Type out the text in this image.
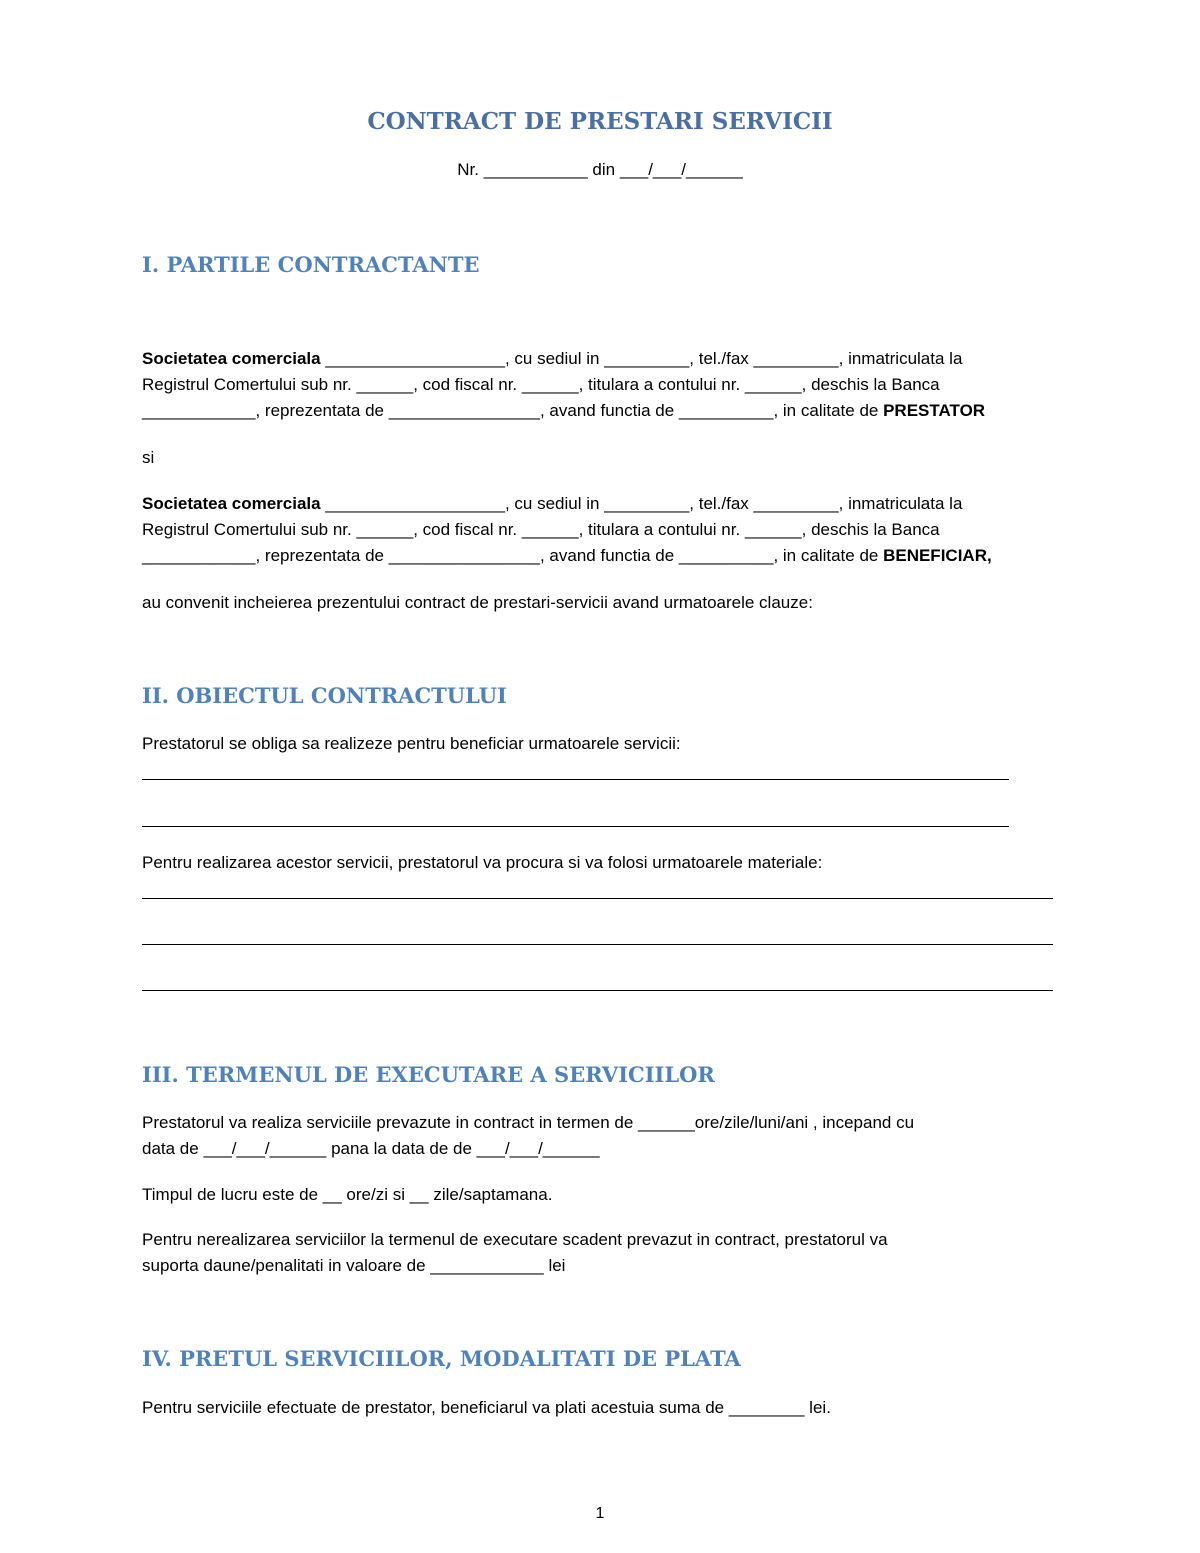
CONTRACT DE PRESTARI SERVICII
Nr. ___________ din ___/___/______
I. PARTILE CONTRACTANTE
Societatea comerciala ___________________, cu sediul in _________, tel./fax _________, inmatriculata la
Registrul Comertului sub nr. ______, cod fiscal nr. ______, titulara a contului nr. ______, deschis la Banca
____________, reprezentata de ________________, avand functia de __________, in calitate de PRESTATOR
si
Societatea comerciala ___________________, cu sediul in _________, tel./fax _________, inmatriculata la
Registrul Comertului sub nr. ______, cod fiscal nr. ______, titulara a contului nr. ______, deschis la Banca
____________, reprezentata de ________________, avand functia de __________, in calitate de BENEFICIAR,
au convenit incheierea prezentului contract de prestari-servicii avand urmatoarele clauze:
II. OBIECTUL CONTRACTULUI
Prestatorul se obliga sa realizeze pentru beneficiar urmatoarele servicii:
Pentru realizarea acestor servicii, prestatorul va procura si va folosi urmatoarele materiale:
III. TERMENUL DE EXECUTARE A SERVICIILOR
Prestatorul va realiza serviciile prevazute in contract in termen de ______ore/zile/luni/ani , incepand cu
data de ___/___/______ pana la data de de ___/___/______
Timpul de lucru este de __ ore/zi si __ zile/saptamana.
Pentru nerealizarea serviciilor la termenul de executare scadent prevazut in contract, prestatorul va
suporta daune/penalitati in valoare de ____________ lei
IV. PRETUL SERVICIILOR, MODALITATI DE PLATA
Pentru serviciile efectuate de prestator, beneficiarul va plati acestuia suma de ________ lei.
1
